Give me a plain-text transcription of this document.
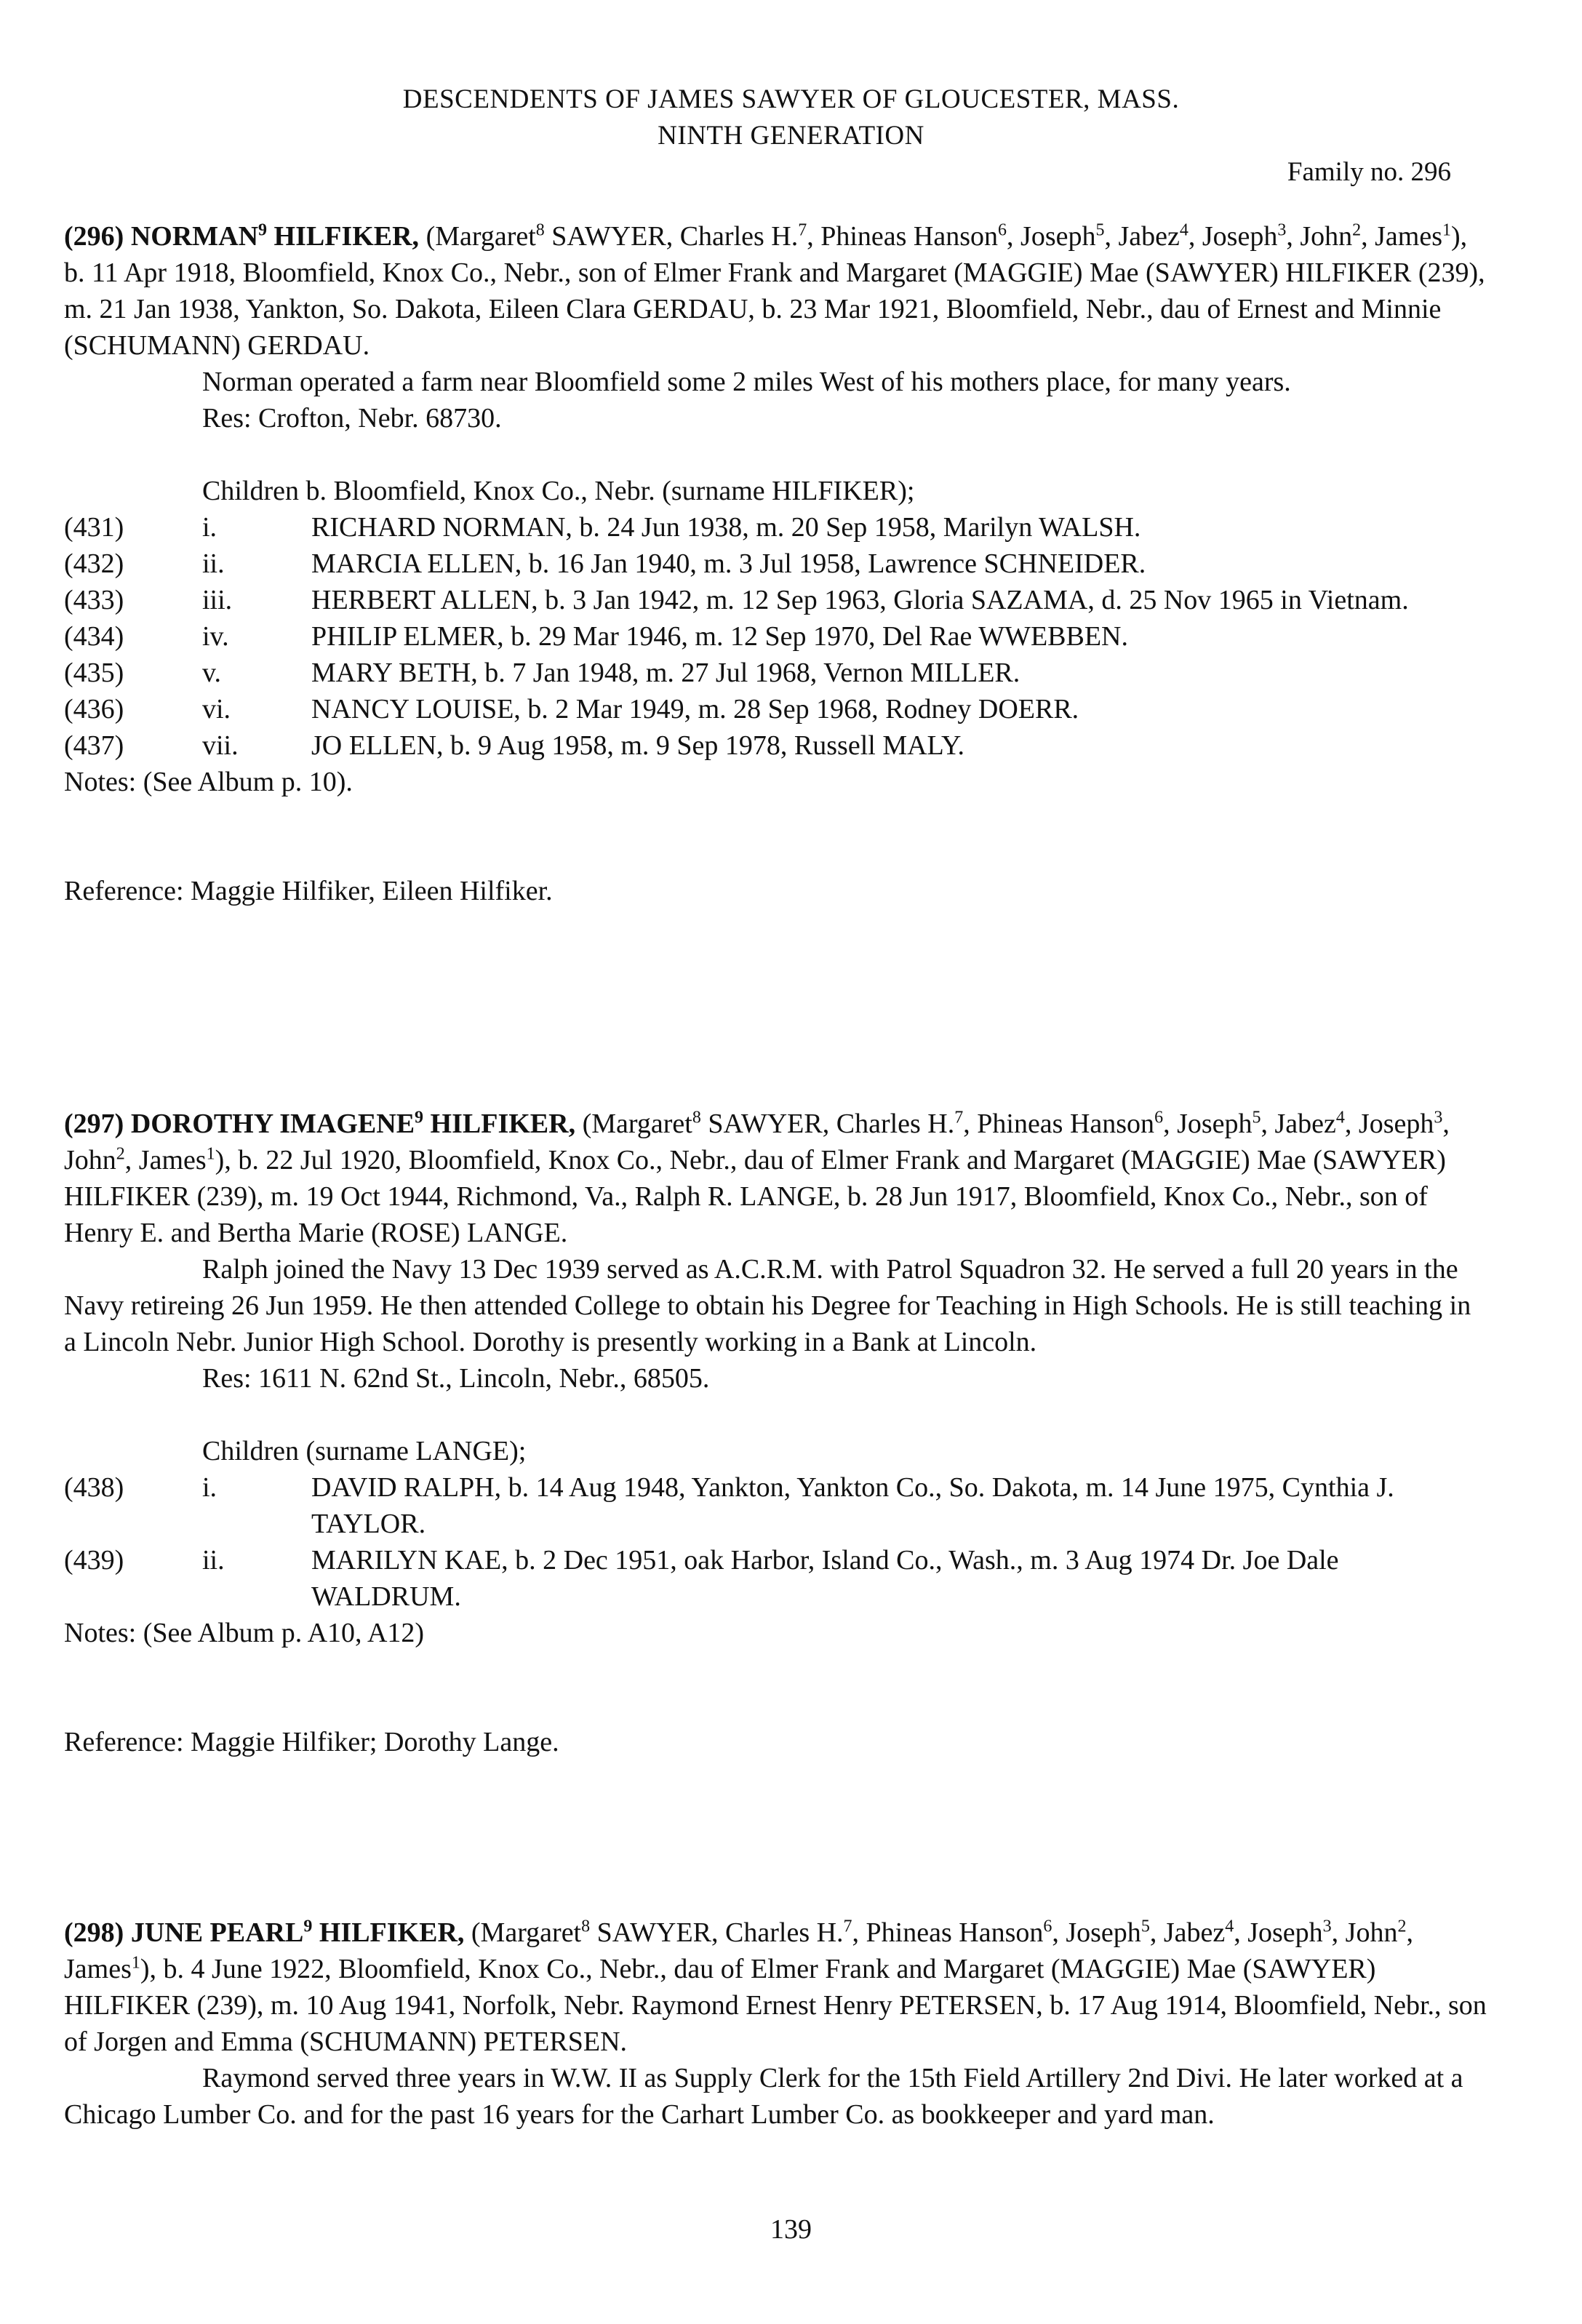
DESCENDENTS OF JAMES SAWYER OF GLOUCESTER, MASS.
NINTH GENERATION
Family no. 296
(296) NORMAN$^9$ HILFIKER, (Margaret$^8$ SAWYER, Charles H.$^7$, Phineas Hanson$^6$, Joseph$^5$, Jabez$^4$, Joseph$^3$, John$^2$, James$^1$), b. 11 Apr 1918, Bloomfield, Knox Co., Nebr., son of Elmer Frank and Margaret (MAGGIE) Mae (SAWYER) HILFIKER (239), m. 21 Jan 1938, Yankton, So. Dakota, Eileen Clara GERDAU, b. 23 Mar 1921, Bloomfield, Nebr., dau of Ernest and Minnie (SCHUMANN) GERDAU.
Norman operated a farm near Bloomfield some 2 miles West of his mothers place, for many years.
Res: Crofton, Nebr. 68730.
Children b. Bloomfield, Knox Co., Nebr. (surname HILFIKER);
(431)	i.	RICHARD NORMAN, b. 24 Jun 1938, m. 20 Sep 1958, Marilyn WALSH.
(432)	ii.	MARCIA ELLEN, b. 16 Jan 1940, m. 3 Jul 1958, Lawrence SCHNEIDER.
(433)	iii.	HERBERT ALLEN, b. 3 Jan 1942, m. 12 Sep 1963, Gloria SAZAMA, d. 25 Nov 1965 in Vietnam.
(434)	iv.	PHILIP ELMER, b. 29 Mar 1946, m. 12 Sep 1970, Del Rae WWEBBEN.
(435)	v.	MARY BETH, b. 7 Jan 1948, m. 27 Jul 1968, Vernon MILLER.
(436)	vi.	NANCY LOUISE, b. 2 Mar 1949, m. 28 Sep 1968, Rodney DOERR.
(437)	vii.	JO ELLEN, b. 9 Aug 1958, m. 9 Sep 1978, Russell MALY.
Notes: (See Album p. 10).
Reference: Maggie Hilfiker, Eileen Hilfiker.
(297) DOROTHY IMAGENE$^9$ HILFIKER, (Margaret$^8$ SAWYER, Charles H.$^7$, Phineas Hanson$^6$, Joseph$^5$, Jabez$^4$, Joseph$^3$, John$^2$, James$^1$), b. 22 Jul 1920, Bloomfield, Knox Co., Nebr., dau of Elmer Frank and Margaret (MAGGIE) Mae (SAWYER) HILFIKER (239), m. 19 Oct 1944, Richmond, Va., Ralph R. LANGE, b. 28 Jun 1917, Bloomfield, Knox Co., Nebr., son of Henry E. and Bertha Marie (ROSE) LANGE.
Ralph joined the Navy 13 Dec 1939 served as A.C.R.M. with Patrol Squadron 32. He served a full 20 years in the Navy retireing 26 Jun 1959. He then attended College to obtain his Degree for Teaching in High Schools. He is still teaching in a Lincoln Nebr. Junior High School. Dorothy is presently working in a Bank at Lincoln.
Res: 1611 N. 62nd St., Lincoln, Nebr., 68505.
Children (surname LANGE);
(438)	i.	DAVID RALPH, b. 14 Aug 1948, Yankton, Yankton Co., So. Dakota, m. 14 June 1975, Cynthia J. TAYLOR.
(439)	ii.	MARILYN KAE, b. 2 Dec 1951, oak Harbor, Island Co., Wash., m. 3 Aug 1974 Dr. Joe Dale WALDRUM.
Notes: (See Album p. A10, A12)
Reference: Maggie Hilfiker; Dorothy Lange.
(298) JUNE PEARL$^9$ HILFIKER, (Margaret$^8$ SAWYER, Charles H.$^7$, Phineas Hanson$^6$, Joseph$^5$, Jabez$^4$, Joseph$^3$, John$^2$, James$^1$), b. 4 June 1922, Bloomfield, Knox Co., Nebr., dau of Elmer Frank and Margaret (MAGGIE) Mae (SAWYER) HILFIKER (239), m. 10 Aug 1941, Norfolk, Nebr. Raymond Ernest Henry PETERSEN, b. 17 Aug 1914, Bloomfield, Nebr., son of Jorgen and Emma (SCHUMANN) PETERSEN.
Raymond served three years in W.W. II as Supply Clerk for the 15th Field Artillery 2nd Divi. He later worked at a Chicago Lumber Co. and for the past 16 years for the Carhart Lumber Co. as bookkeeper and yard man.
139
